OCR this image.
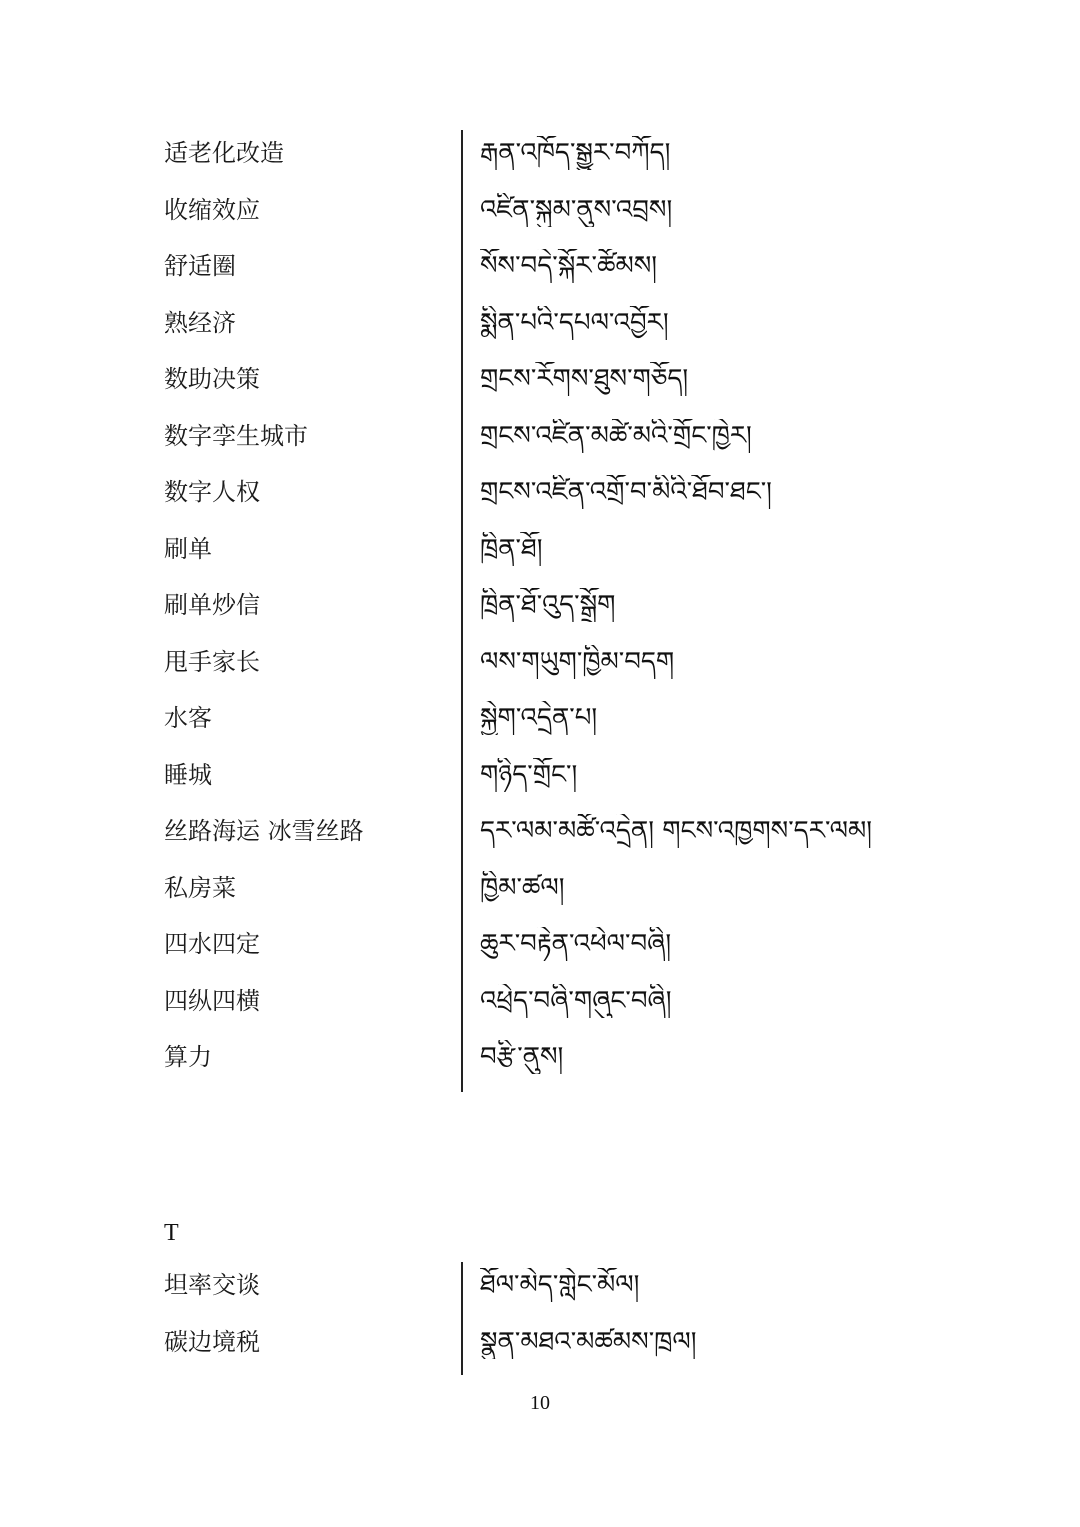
适老化改造	རྒན་འཁོད་སྒྱུར་བཀོད།
收缩效应	འཛིན་སྐུམ་ནུས་འབྲས།
舒适圈	སོས་བདེ་སྐོར་ཚོམས།
熟经济	སྨིན་པའི་དཔལ་འབྱོར།
数助决策	གྲངས་རོགས་ཐུས་གཅོད།
数字孪生城市	གྲངས་འཛིན་མཚེ་མའི་གྲོང་ཁྱེར།
数字人权	གྲངས་འཛིན་འགྲོ་བ་མིའི་ཐོབ་ཐང་།
刷单	ཁྲིན་ཐོ།
刷单炒信	ཁྲིན་ཐོ་འུད་སྒྲོག
甩手家长	ལས་གཡུག་ཁྱིམ་བདག
水客	སྐྱེག་འདྲེན་པ།
睡城	གཉིད་གྲོང་།
丝路海运 冰雪丝路	དར་ལམ་མཚོ་འདྲེན། གངས་འཁྱགས་དར་ལམ།
私房菜	ཁྱིམ་ཚལ།
四水四定	ཆུར་བརྟེན་འཕེལ་བཞི།
四纵四横	འཕྲེད་བཞི་གཞུང་བཞི།
算力	བརྩི་ནུས།
T
坦率交谈	ཐོལ་མེད་གླེང་མོལ།
碳边境税	སྣུན་མཐའ་མཚམས་ཁྲལ།
10
